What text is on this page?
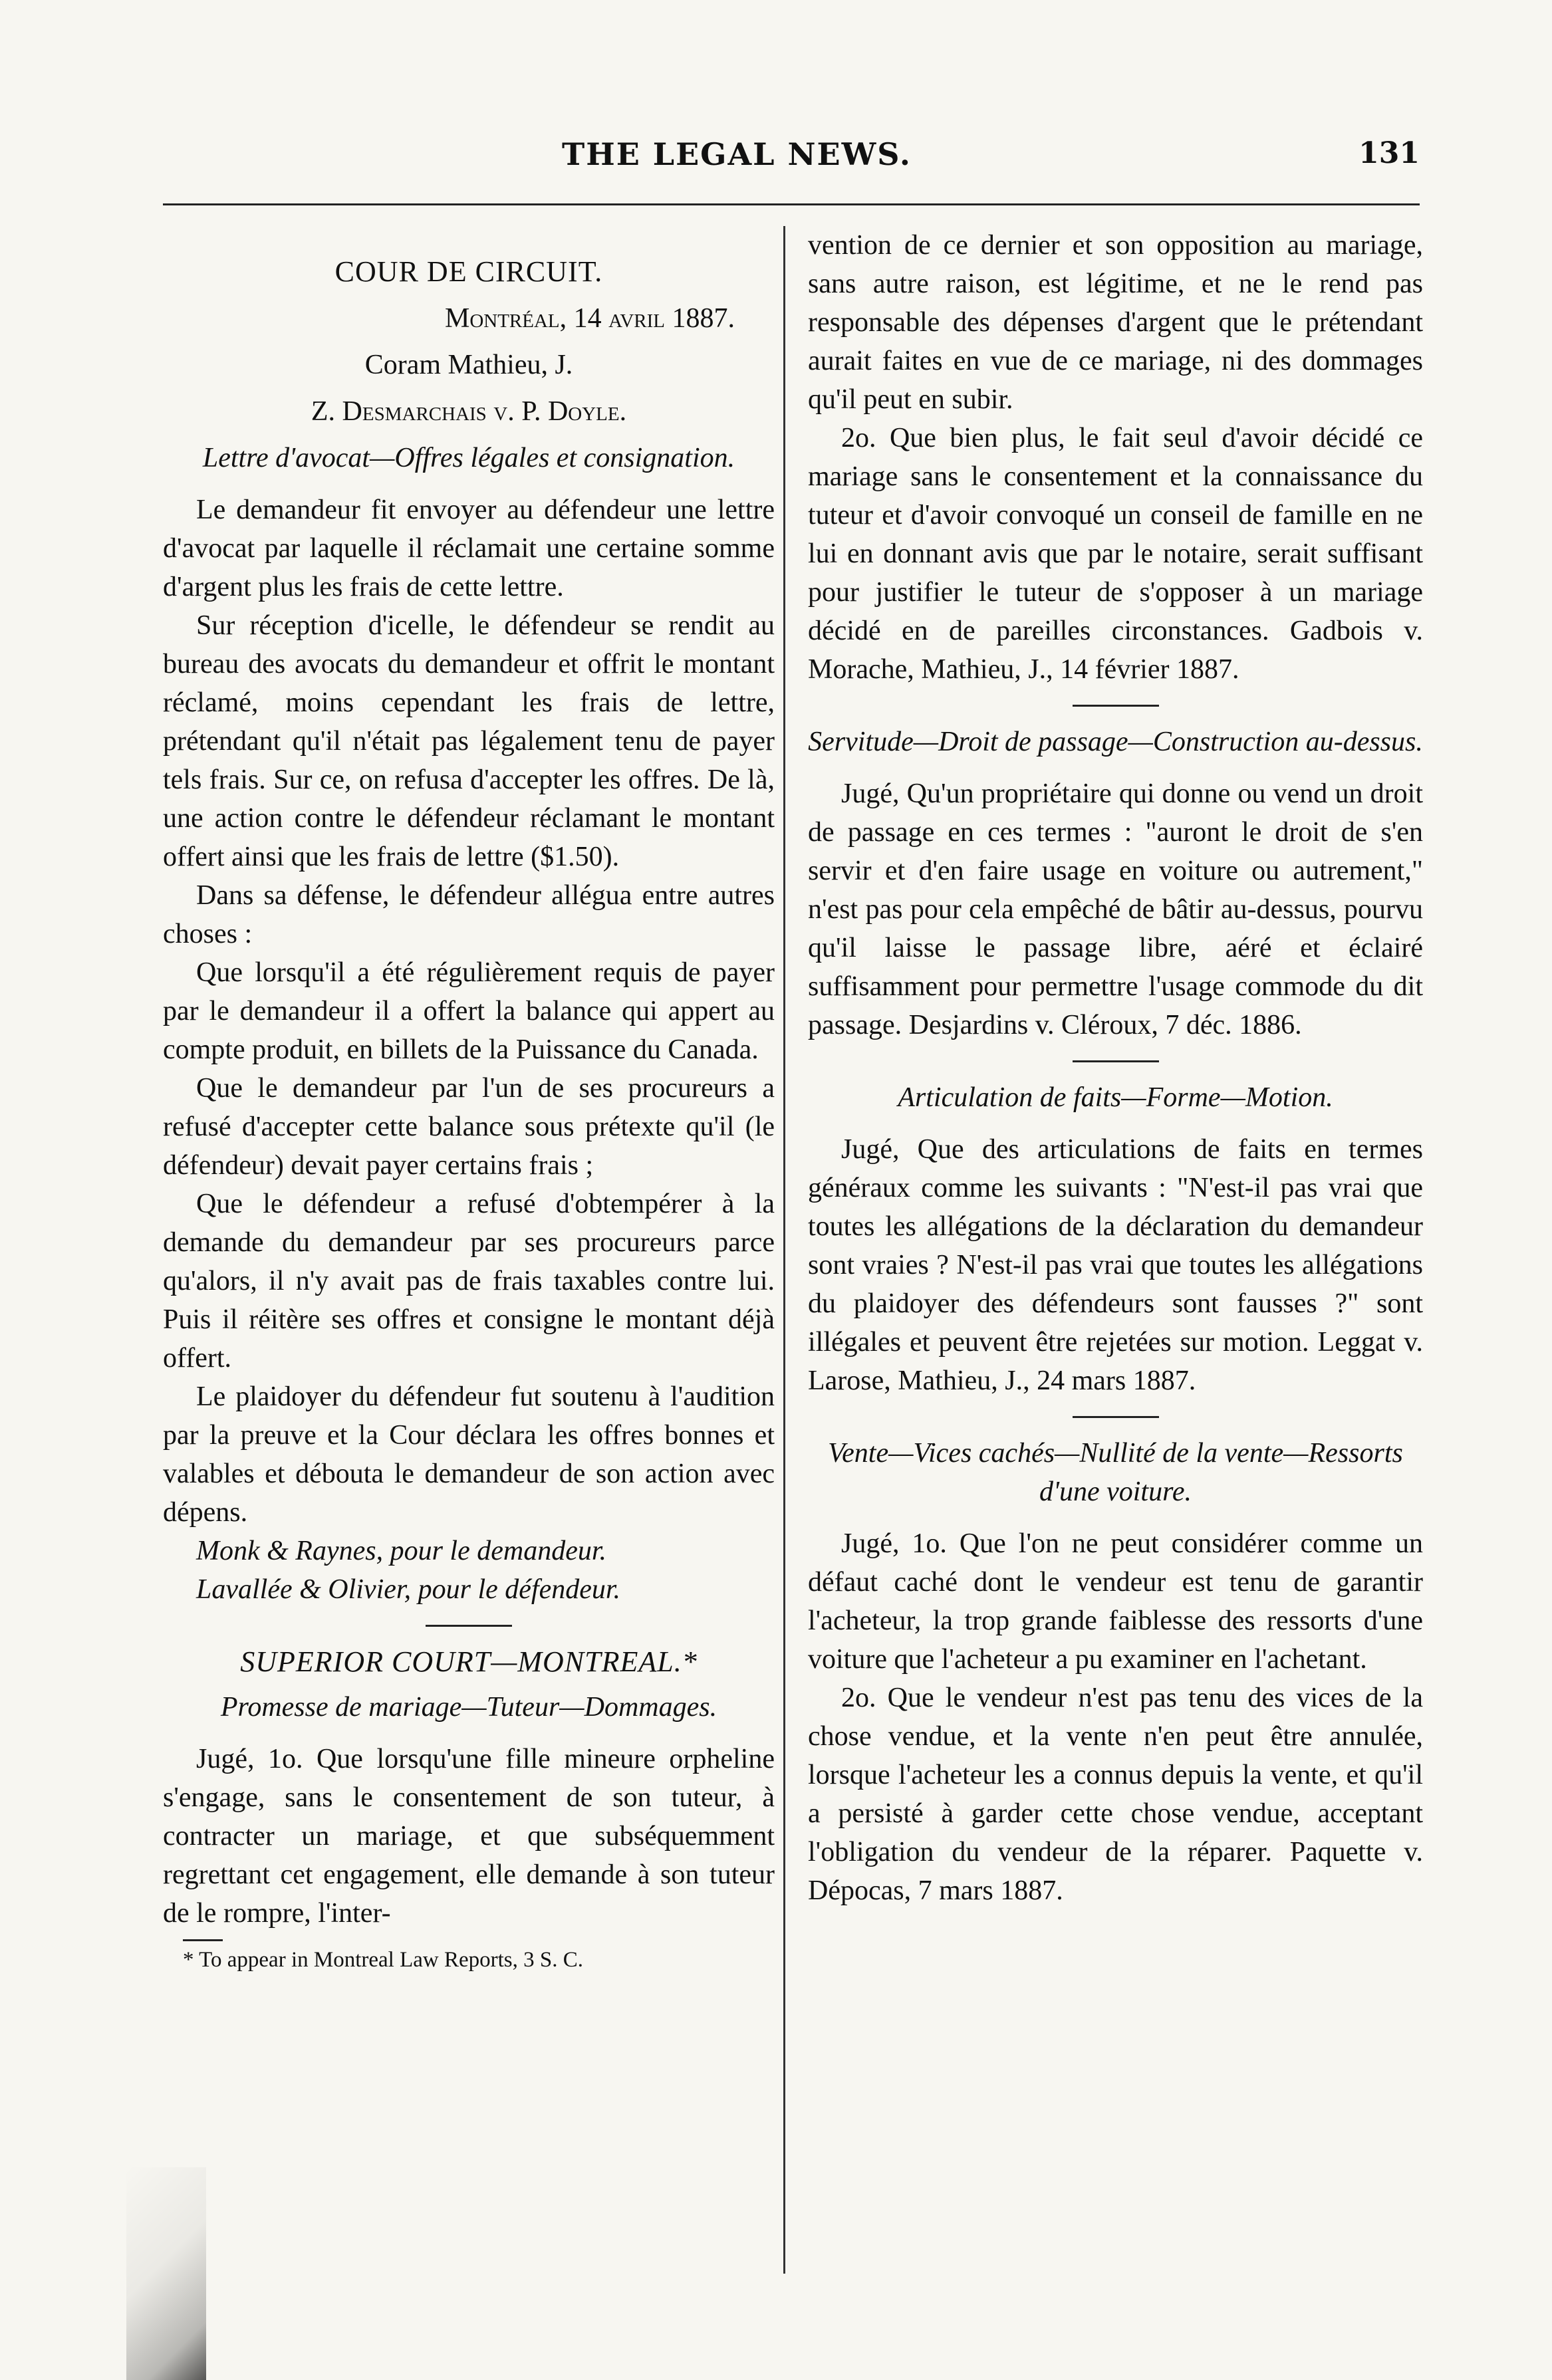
THE LEGAL NEWS.	131
COUR DE CIRCUIT.
Montréal, 14 avril 1887.
Coram Mathieu, J.
Z. Desmarchais v. P. Doyle.
Lettre d'avocat—Offres légales et consignation.

Le demandeur fit envoyer au défendeur une lettre d'avocat par laquelle il réclamait une certaine somme d'argent plus les frais de cette lettre.

Sur réception d'icelle, le défendeur se rendit au bureau des avocats du demandeur et offrit le montant réclamé, moins cependant les frais de lettre, prétendant qu'il n'était pas légalement tenu de payer tels frais. Sur ce, on refusa d'accepter les offres. De là, une action contre le défendeur réclamant le montant offert ainsi que les frais de lettre ($1.50).

Dans sa défense, le défendeur allégua entre autres choses :

Que lorsqu'il a été régulièrement requis de payer par le demandeur il a offert la balance qui appert au compte produit, en billets de la Puissance du Canada.

Que le demandeur par l'un de ses procureurs a refusé d'accepter cette balance sous prétexte qu'il (le défendeur) devait payer certains frais ;

Que le défendeur a refusé d'obtempérer à la demande du demandeur par ses procureurs parce qu'alors, il n'y avait pas de frais taxables contre lui. Puis il réitère ses offres et consigne le montant déjà offert.

Le plaidoyer du défendeur fut soutenu à l'audition par la preuve et la Cour déclara les offres bonnes et valables et débouta le demandeur de son action avec dépens.

Monk & Raynes, pour le demandeur.

Lavallée & Olivier, pour le défendeur.

SUPERIOR COURT—MONTREAL.*
Promesse de mariage—Tuteur—Dommages.

Jugé, 1o. Que lorsqu'une fille mineure orpheline s'engage, sans le consentement de son tuteur, à contracter un mariage, et que subséquemment regrettant cet engagement, elle demande à son tuteur de le rompre, l'inter-

* To appear in Montreal Law Reports, 3 S. C.

vention de ce dernier et son opposition au mariage, sans autre raison, est légitime, et ne le rend pas responsable des dépenses d'argent que le prétendant aurait faites en vue de ce mariage, ni des dommages qu'il peut en subir.

2o. Que bien plus, le fait seul d'avoir décidé ce mariage sans le consentement et la connaissance du tuteur et d'avoir convoqué un conseil de famille en ne lui en donnant avis que par le notaire, serait suffisant pour justifier le tuteur de s'opposer à un mariage décidé en de pareilles circonstances. Gadbois v. Morache, Mathieu, J., 14 février 1887.

Servitude—Droit de passage—Construction au-dessus.

Jugé, Qu'un propriétaire qui donne ou vend un droit de passage en ces termes : "auront le droit de s'en servir et d'en faire usage en voiture ou autrement," n'est pas pour cela empêché de bâtir au-dessus, pourvu qu'il laisse le passage libre, aéré et éclairé suffisamment pour permettre l'usage commode du dit passage. Desjardins v. Cléroux, 7 déc. 1886.

Articulation de faits—Forme—Motion.

Jugé, Que des articulations de faits en termes généraux comme les suivants : "N'est-il pas vrai que toutes les allégations de la déclaration du demandeur sont vraies ? N'est-il pas vrai que toutes les allégations du plaidoyer des défendeurs sont fausses ?" sont illégales et peuvent être rejetées sur motion. Leggat v. Larose, Mathieu, J., 24 mars 1887.

Vente—Vices cachés—Nullité de la vente—Ressorts d'une voiture.

Jugé, 1o. Que l'on ne peut considérer comme un défaut caché dont le vendeur est tenu de garantir l'acheteur, la trop grande faiblesse des ressorts d'une voiture que l'acheteur a pu examiner en l'achetant.

2o. Que le vendeur n'est pas tenu des vices de la chose vendue, et la vente n'en peut être annulée, lorsque l'acheteur les a connus depuis la vente, et qu'il a persisté à garder cette chose vendue, acceptant l'obligation du vendeur de la réparer. Paquette v. Dépocas, 7 mars 1887.
